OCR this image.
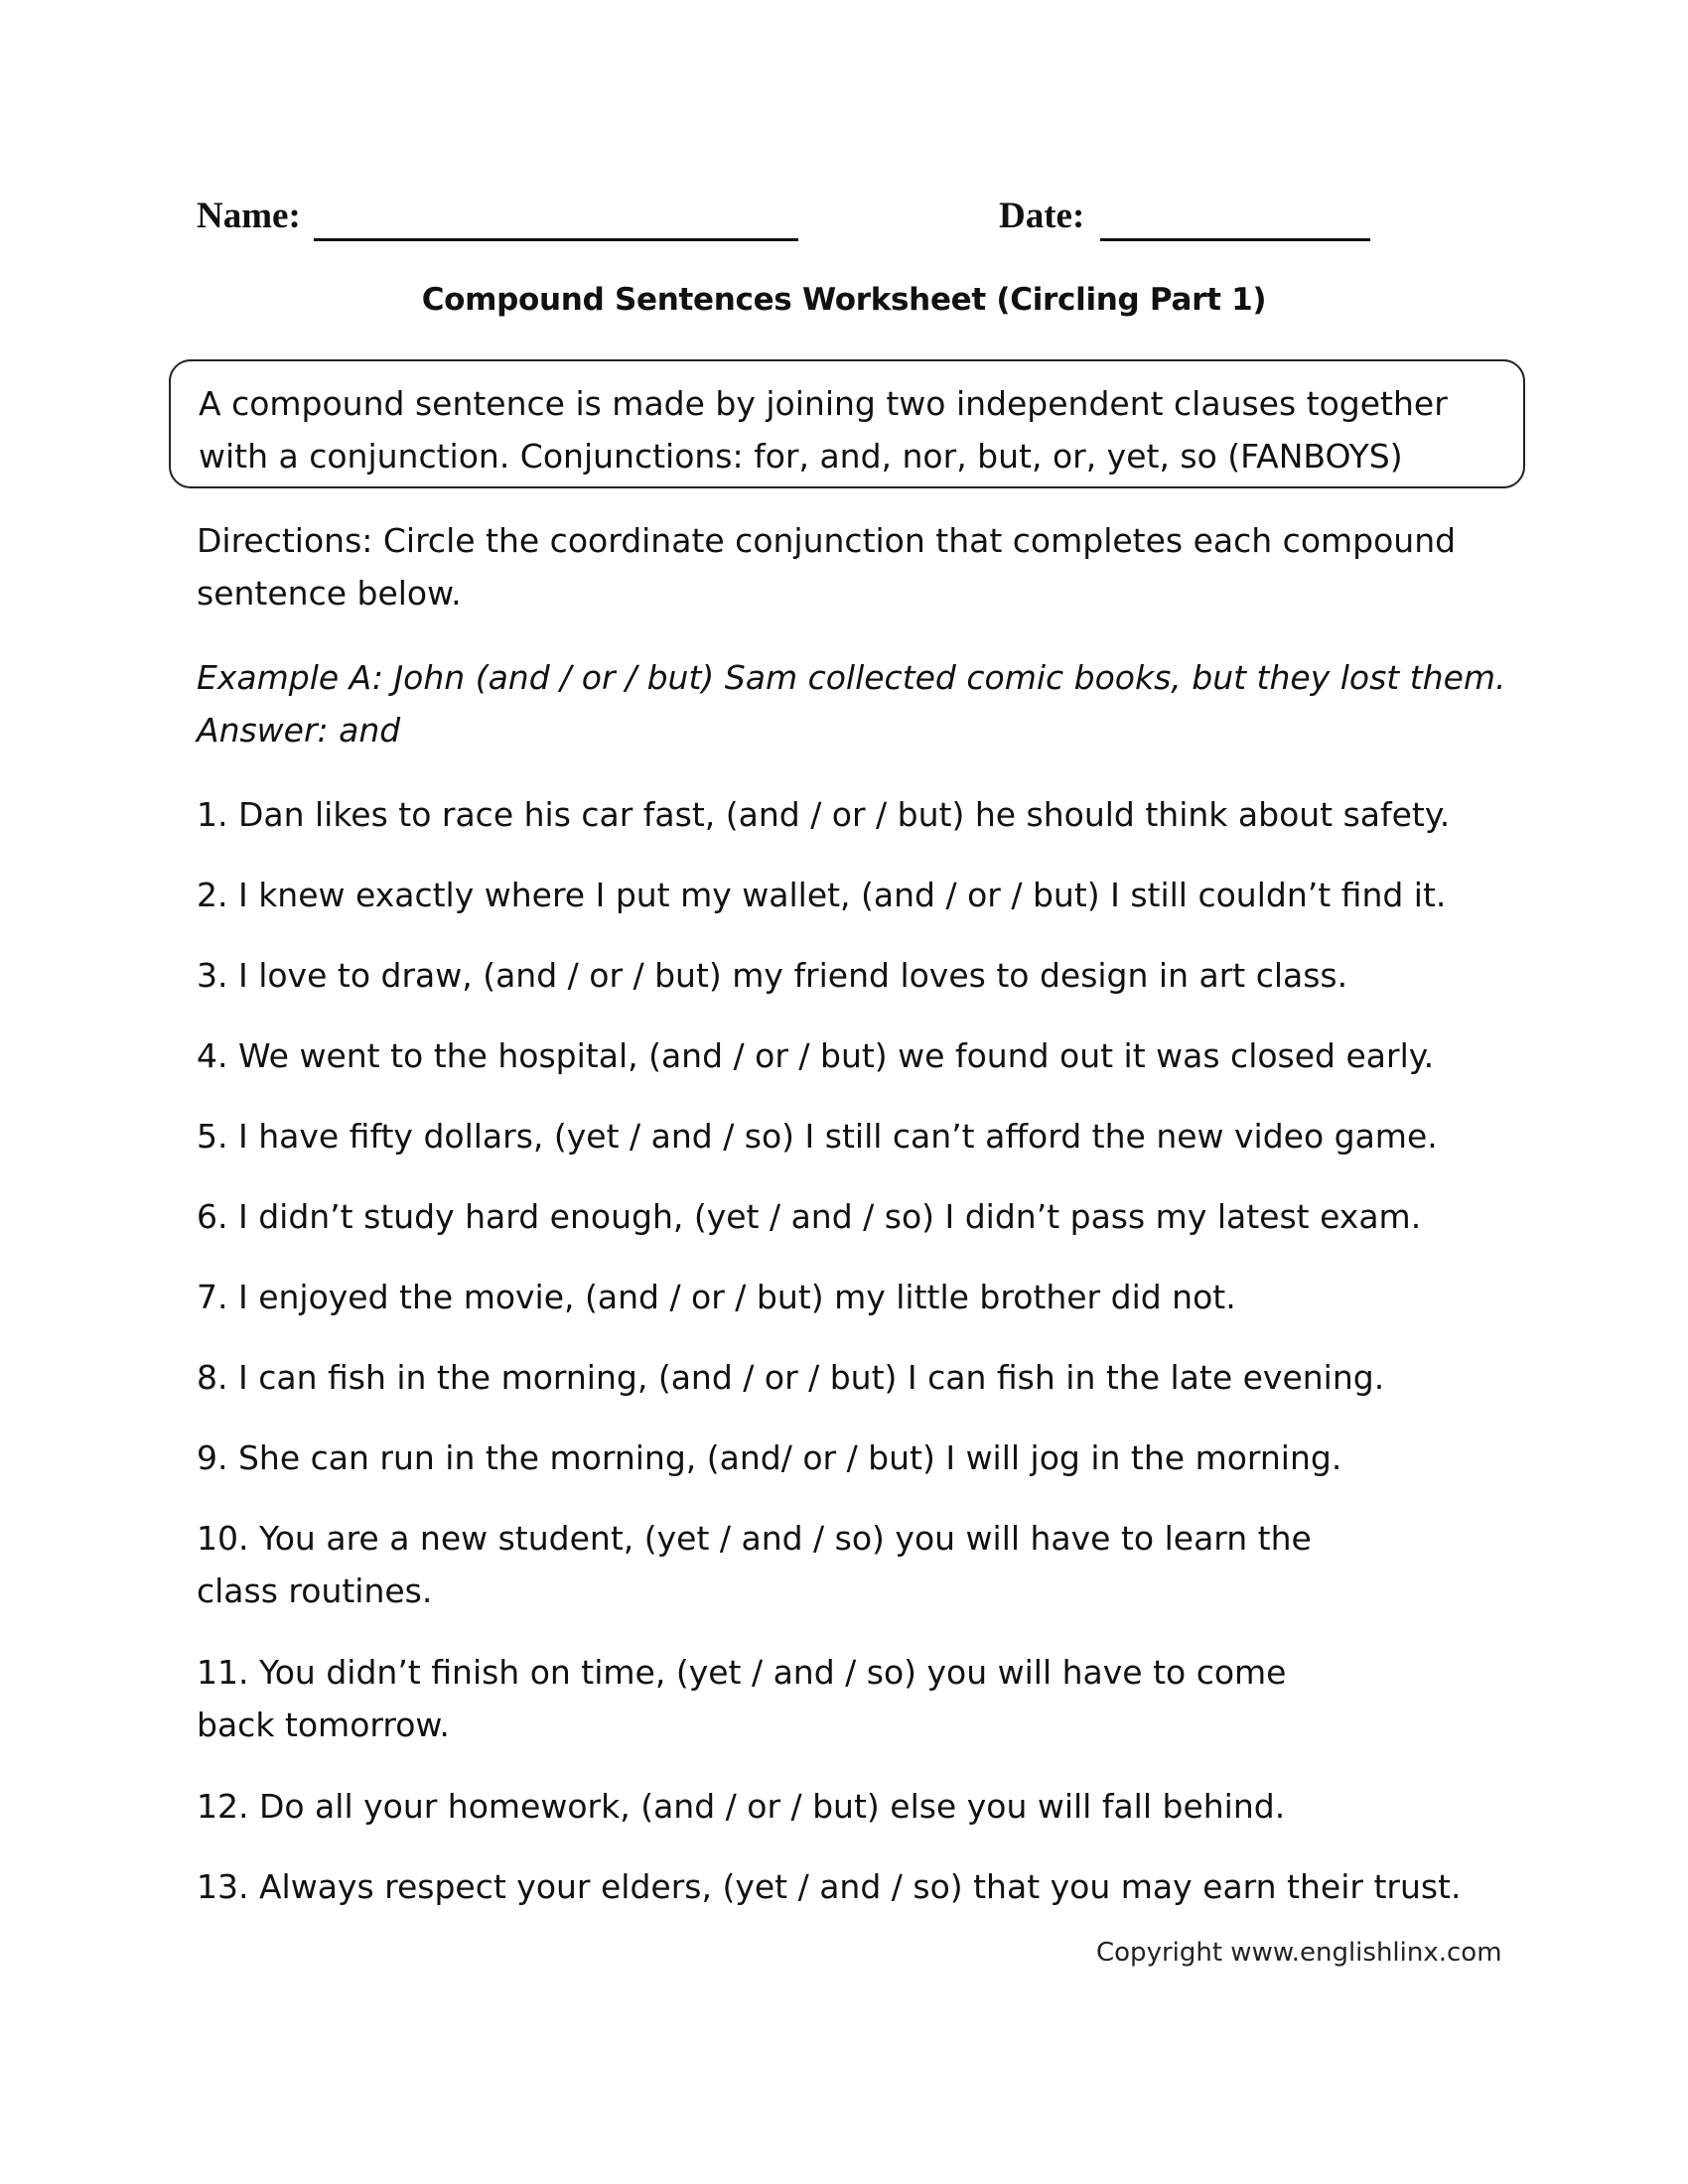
Name:	Date:
Compound Sentences Worksheet (Circling Part 1)
A compound sentence is made by joining two independent clauses together with a conjunction. Conjunctions: for, and, nor, but, or, yet, so (FANBOYS)
Directions: Circle the coordinate conjunction that completes each compound sentence below.
Example A: John (and / or / but) Sam collected comic books, but they lost them.
Answer: and
1. Dan likes to race his car fast, (and / or / but) he should think about safety.
2. I knew exactly where I put my wallet, (and / or / but) I still couldn’t find it.
3. I love to draw, (and / or / but) my friend loves to design in art class.
4. We went to the hospital, (and / or / but) we found out it was closed early.
5. I have fifty dollars, (yet / and / so) I still can’t afford the new video game.
6. I didn’t study hard enough, (yet / and / so) I didn’t pass my latest exam.
7. I enjoyed the movie, (and / or / but) my little brother did not.
8. I can fish in the morning, (and / or / but) I can fish in the late evening.
9. She can run in the morning, (and/ or / but) I will jog in the morning.
10. You are a new student, (yet / and / so) you will have to learn the class routines.
11. You didn’t finish on time, (yet / and / so) you will have to come back tomorrow.
12. Do all your homework, (and / or / but) else you will fall behind.
13. Always respect your elders, (yet / and / so) that you may earn their trust.
Copyright www.englishlinx.com
